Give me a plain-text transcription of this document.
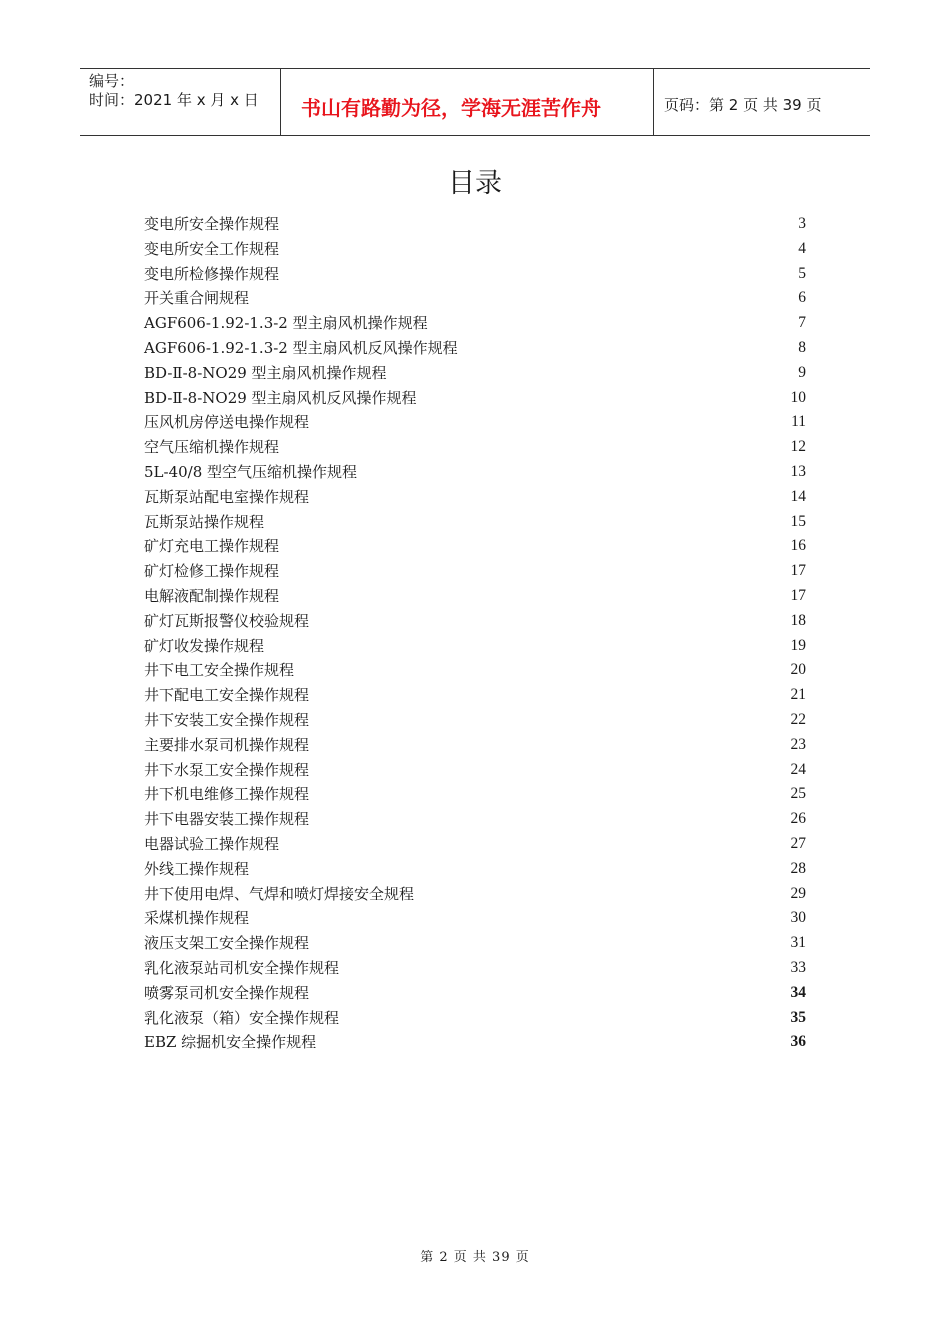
编号：
时间：2021 年 x 月 x 日 书山有路勤为径，学海无涯苦作舟	页码：第 2 页 共 39 页
目录
变电所安全操作规程	3
变电所安全工作规程	4
变电所检修操作规程	5
开关重合闸规程	6
AGF606-1.92-1.3-2 型主扇风机操作规程	7
AGF606-1.92-1.3-2 型主扇风机反风操作规程	8
BD-Ⅱ-8-NO29 型主扇风机操作规程	9
BD-Ⅱ-8-NO29 型主扇风机反风操作规程	10
压风机房停送电操作规程	11
空气压缩机操作规程	12
5L-40/8 型空气压缩机操作规程	13
瓦斯泵站配电室操作规程	14
瓦斯泵站操作规程	15
矿灯充电工操作规程	16
矿灯检修工操作规程	17
电解液配制操作规程	17
矿灯瓦斯报警仪校验规程	18
矿灯收发操作规程	19
井下电工安全操作规程	20
井下配电工安全操作规程	21
井下安装工安全操作规程	22
主要排水泵司机操作规程	23
井下水泵工安全操作规程	24
井下机电维修工操作规程	25
井下电器安装工操作规程	26
电器试验工操作规程	27
外线工操作规程	28
井下使用电焊、气焊和喷灯焊接安全规程	29
采煤机操作规程	30
液压支架工安全操作规程	31
乳化液泵站司机安全操作规程	33
喷雾泵司机安全操作规程	34
乳化液泵（箱）安全操作规程	35
EBZ 综掘机安全操作规程	36
第 2 页 共 39 页
